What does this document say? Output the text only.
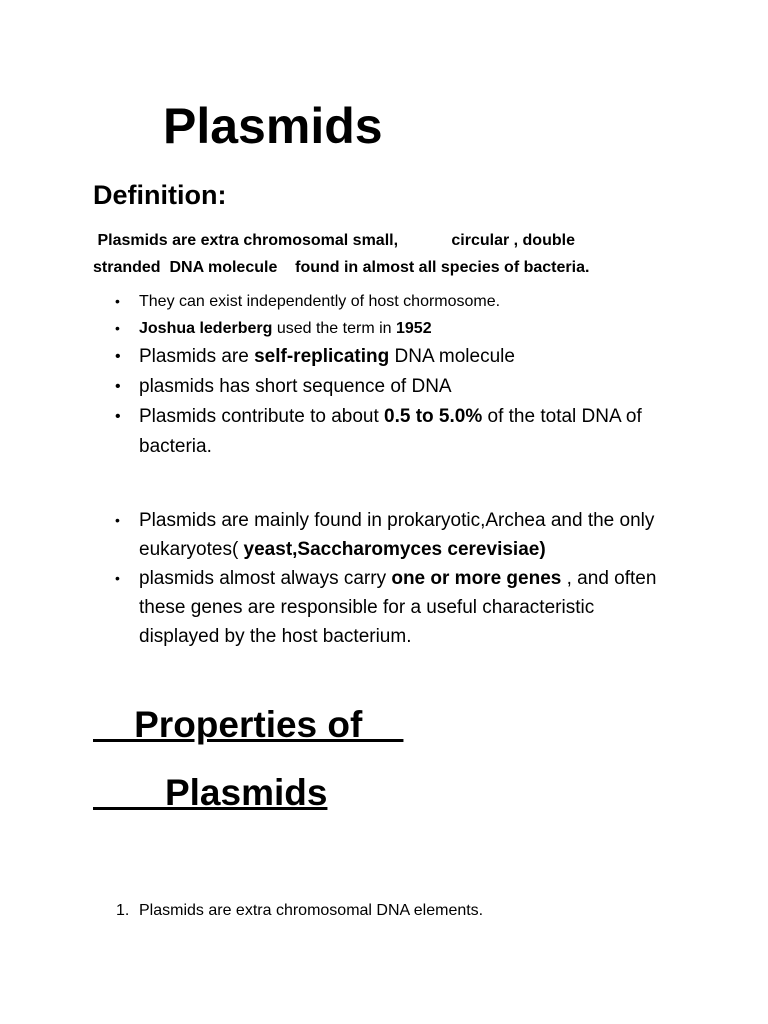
Plasmids
Definition:

Plasmids are extra chromosomal small,            circular , double
stranded  DNA molecule    found in almost all species of bacteria.

• They can exist independently of host chormosome.
• Joshua lederberg used the term in 1952
• Plasmids are self-replicating DNA molecule
• plasmids has short sequence of DNA
• Plasmids contribute to about 0.5 to 5.0% of the total DNA of bacteria.
• Plasmids are mainly found in prokaryotic,Archea and the only eukaryotes( yeast,Saccharomyces cerevisiae)
• plasmids almost always carry one or more genes , and often these genes are responsible for a useful characteristic displayed by the host bacterium.
Properties of
Plasmids
1. Plasmids are extra chromosomal DNA elements.
